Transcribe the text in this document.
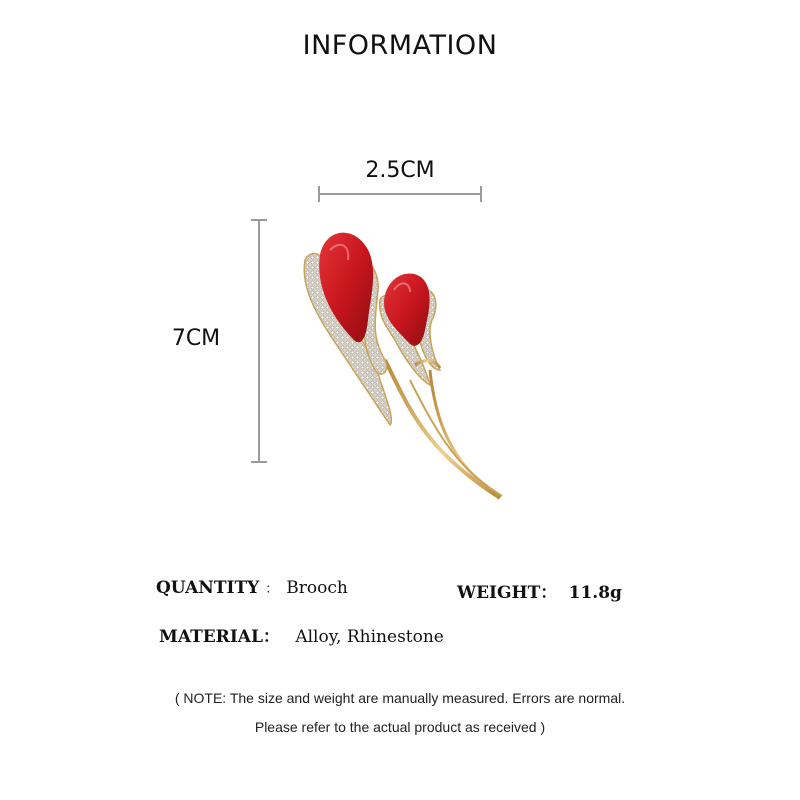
INFORMATION
2.5CM
7CM
QUANTITY ： Brooch	WEIGHT： 11.8g
MATERIAL： Alloy, Rhinestone
( NOTE: The size and weight are manually measured. Errors are normal.
Please refer to the actual product as received )
